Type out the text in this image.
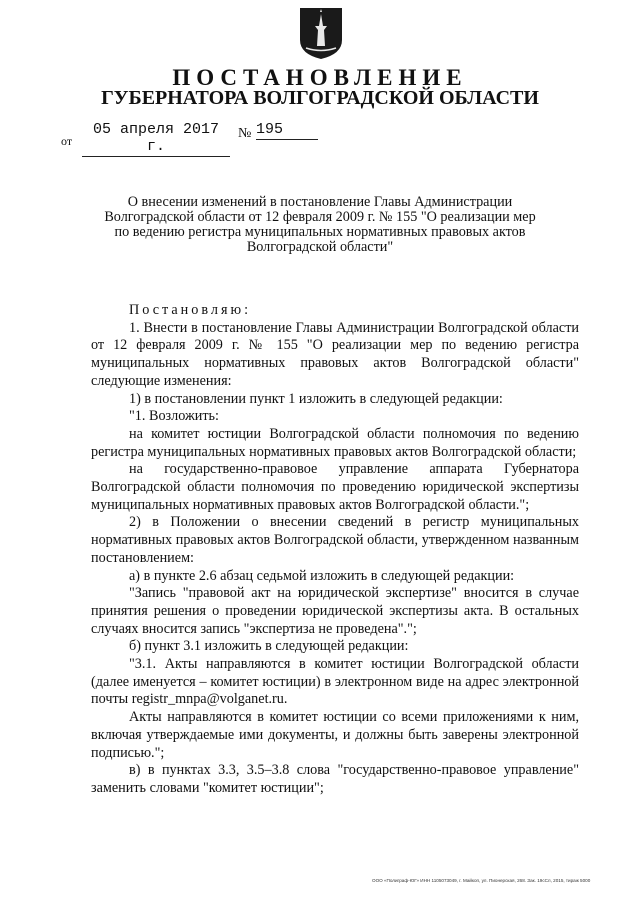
ПОСТАНОВЛЕНИЕ
ГУБЕРНАТОРА ВОЛГОГРАДСКОЙ ОБЛАСТИ
от
05 апреля 2017 г.
№ 195
О внесении изменений в постановление Главы Администрации Волгоградской области от 12 февраля 2009 г. № 155 "О реализации мер по ведению регистра муниципальных нормативных правовых актов Волгоградской области"

Постановляю:

1. Внести в постановление Главы Администрации Волгоградской области от 12 февраля 2009 г. № 155 "О реализации мер по ведению регистра муниципальных нормативных правовых актов Волгоградской области" следующие изменения:

1) в постановлении пункт 1 изложить в следующей редакции:

"1. Возложить:

на комитет юстиции Волгоградской области полномочия по ведению регистра муниципальных нормативных правовых актов Волгоградской области;

на государственно-правовое управление аппарата Губернатора Волгоградской области полномочия по проведению юридической экспертизы муниципальных нормативных правовых актов Волгоградской области.";

2) в Положении о внесении сведений в регистр муниципальных нормативных правовых актов Волгоградской области, утвержденном названным постановлением:

а) в пункте 2.6 абзац седьмой изложить в следующей редакции:

"Запись "правовой акт на юридической экспертизе" вносится в случае принятия решения о проведении юридической экспертизы акта. В остальных случаях вносится запись "экспертиза не проведена".";

б) пункт 3.1 изложить в следующей редакции:

"3.1. Акты направляются в комитет юстиции Волгоградской области (далее именуется – комитет юстиции) в электронном виде на адрес электронной почты registr_mnpa@volganet.ru.

Акты направляются в комитет юстиции со всеми приложениями к ним, включая утверждаемые ими документы, и должны быть заверены электронной подписью.";

в) в пунктах 3.3, 3.5–3.8 слова "государственно-правовое управление" заменить словами "комитет юстиции";

ООО «Полиграф-ЮГ» ИНН 1105073049, г. Майкоп, ул. Пионерская, 268. Зак. 19сСл, 2015, тираж 5000
